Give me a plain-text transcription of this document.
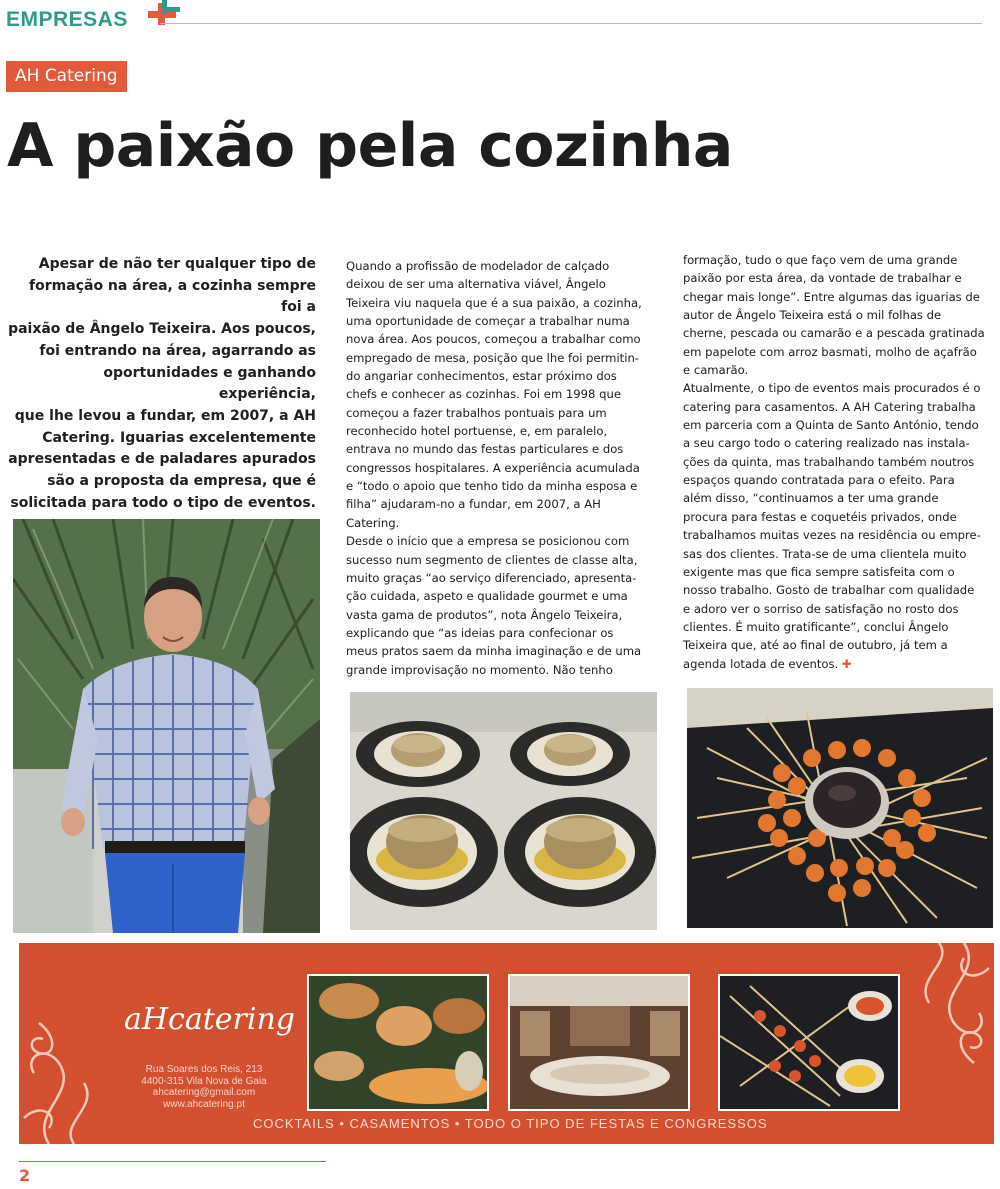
EMPRESAS
AH Catering
A paixão pela cozinha
Apesar de não ter qualquer tipo de
formação na área, a cozinha sempre foi a
paixão de Ângelo Teixeira. Aos poucos,
foi entrando na área, agarrando as
oportunidades e ganhando experiência,
que lhe levou a fundar, em 2007, a AH
Catering. Iguarias excelentemente
apresentadas e de paladares apurados
são a proposta da empresa, que é
solicitada para todo o tipo de eventos.

Quando a profissão de modelador de calçado

deixou de ser uma alternativa viável, Ângelo

Teixeira viu naquela que é a sua paixão, a cozinha,

uma oportunidade de começar a trabalhar numa

nova área. Aos poucos, começou a trabalhar como

empregado de mesa, posição que lhe foi permitin-

do angariar conhecimentos, estar próximo dos

chefs e conhecer as cozinhas. Foi em 1998 que

começou a fazer trabalhos pontuais para um

reconhecido hotel portuense, e, em paralelo,

entrava no mundo das festas particulares e dos

congressos hospitalares. A experiência acumulada

e “todo o apoio que tenho tido da minha esposa e

filha” ajudaram-no a fundar, em 2007, a AH

Catering.

Desde o início que a empresa se posicionou com

sucesso num segmento de clientes de classe alta,

muito graças “ao serviço diferenciado, apresenta-

ção cuidada, aspeto e qualidade gourmet e uma

vasta gama de produtos”, nota Ângelo Teixeira,

explicando que “as ideias para confecionar os

meus pratos saem da minha imaginação e de uma

grande improvisação no momento. Não tenho

formação, tudo o que faço vem de uma grande

paixão por esta área, da vontade de trabalhar e

chegar mais longe”. Entre algumas das iguarias de

autor de Ângelo Teixeira está o mil folhas de

cherne, pescada ou camarão e a pescada gratinada

em papelote com arroz basmati, molho de açafrão

e camarão.

Atualmente, o tipo de eventos mais procurados é o

catering para casamentos. A AH Catering trabalha

em parceria com a Quinta de Santo António, tendo

a seu cargo todo o catering realizado nas instala-

ções da quinta, mas trabalhando também noutros

espaços quando contratada para o efeito. Para

além disso, “continuamos a ter uma grande

procura para festas e coquetéis privados, onde

trabalhamos muitas vezes na residência ou empre-

sas dos clientes. Trata-se de uma clientela muito

exigente mas que fica sempre satisfeita com o

nosso trabalho. Gosto de trabalhar com qualidade

e adoro ver o sorriso de satisfação no rosto dos

clientes. É muito gratificante”, conclui Ângelo

Teixeira que, até ao final de outubro, já tem a

agenda lotada de eventos. ✚

aHcatering
Rua Soares dos Reis, 213
4400-315 Vila Nova de Gaia
ahcatering@gmail.com
www.ahcatering.pt
COCKTAILS • CASAMENTOS • TODO O TIPO DE FESTAS E CONGRESSOS
2
